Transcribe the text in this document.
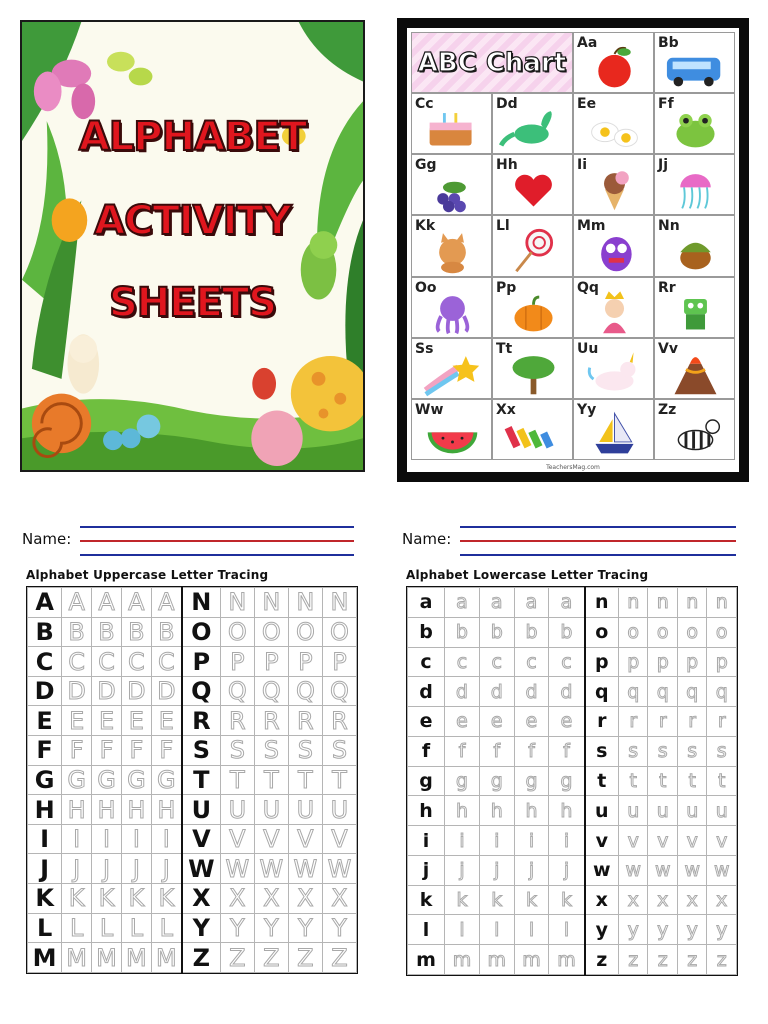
ALPHABET
ACTIVITY
SHEETS
ABC Chart
Aa	Bb
Cc	Dd	Ee	Ff
Gg	Hh	Ii	Jj
Kk	Ll	Mm	Nn
Oo	Pp	Qq	Rr
Ss	Tt	Uu	Vv
Ww	Xx	Yy	Zz
TeachersMag.com
Name:
Alphabet Uppercase Letter Tracing
A	A	A	A	A	N	N	N	N	N
B	B	B	B	B	O	O	O	O	O
C	C	C	C	C	P	P	P	P	P
D	D	D	D	D	Q	Q	Q	Q	Q
E	E	E	E	E	R	R	R	R	R
F	F	F	F	F	S	S	S	S	S
G	G	G	G	G	T	T	T	T	T
H	H	H	H	H	U	U	U	U	U
I	I	I	I	I	V	V	V	V	V
J	J	J	J	J	W	W	W	W	W
K	K	K	K	K	X	X	X	X	X
L	L	L	L	L	Y	Y	Y	Y	Y
M	M	M	M	M	Z	Z	Z	Z	Z
Name:
Alphabet Lowercase Letter Tracing
a	a	a	a	a	n	n	n	n	n
b	b	b	b	b	o	o	o	o	o
c	c	c	c	c	p	p	p	p	p
d	d	d	d	d	q	q	q	q	q
e	e	e	e	e	r	r	r	r	r
f	f	f	f	f	s	s	s	s	s
g	g	g	g	g	t	t	t	t	t
h	h	h	h	h	u	u	u	u	u
i	i	i	i	i	v	v	v	v	v
j	j	j	j	j	w	w	w	w	w
k	k	k	k	k	x	x	x	x	x
l	l	l	l	l	y	y	y	y	y
m	m	m	m	m	z	z	z	z	z
